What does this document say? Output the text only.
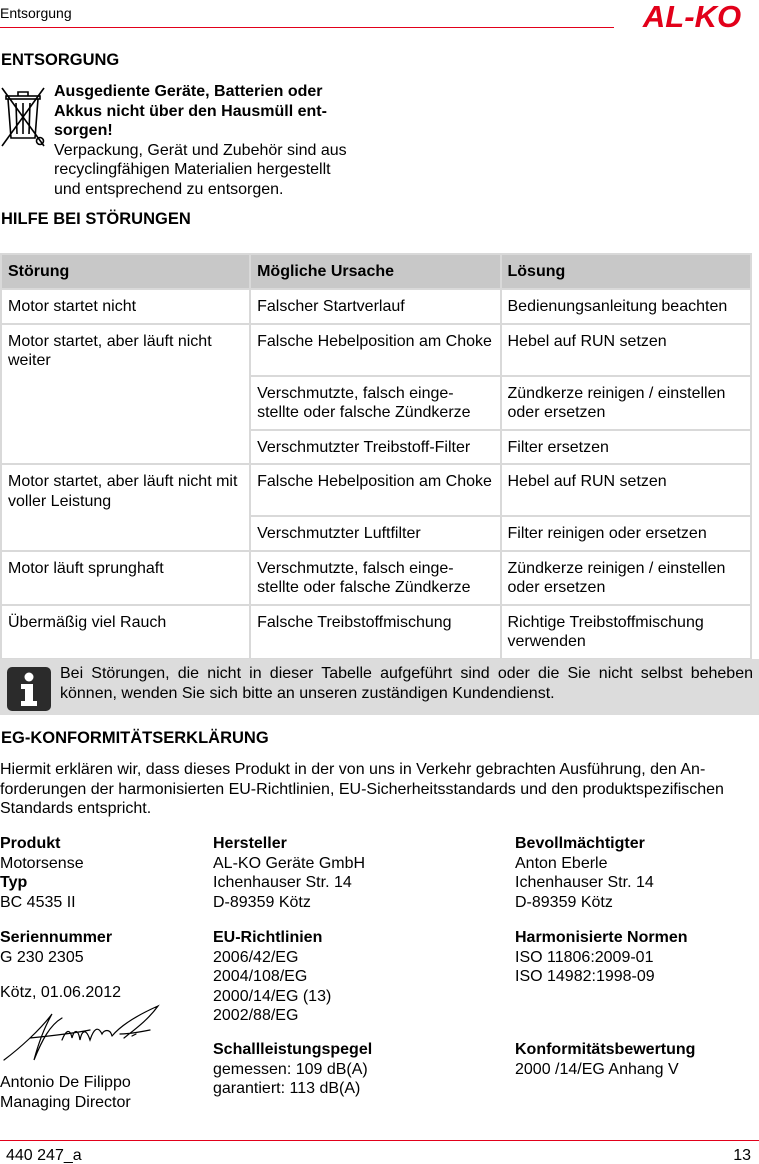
Entsorgung	AL-KO
ENTSORGUNG
Ausgediente Geräte, Batterien oder
Akkus nicht über den Hausmüll ent-
sorgen!
Verpackung, Gerät und Zubehör sind aus
recyclingfähigen Materialien hergestellt
und entsprechend zu entsorgen.
HILFE BEI STÖRUNGEN
Störung	Mögliche Ursache	Lösung
Motor startet nicht	Falscher Startverlauf	Bedienungsanleitung beachten
Motor startet, aber läuft nicht weiter	Falsche Hebelposition am Choke	Hebel auf RUN setzen
	Verschmutzte, falsch einge-stellte oder falsche Zündkerze	Zündkerze reinigen / einstellen oder ersetzen
	Verschmutzter Treibstoff-Filter	Filter ersetzen
Motor startet, aber läuft nicht mit voller Leistung	Falsche Hebelposition am Choke	Hebel auf RUN setzen
	Verschmutzter Luftfilter	Filter reinigen oder ersetzen
Motor läuft sprunghaft	Verschmutzte, falsch einge-stellte oder falsche Zündkerze	Zündkerze reinigen / einstellen oder ersetzen
Übermäßig viel Rauch	Falsche Treibstoffmischung	Richtige Treibstoffmischung verwenden
Bei Störungen, die nicht in dieser Tabelle aufgeführt sind oder die Sie nicht selbst beheben können, wenden Sie sich bitte an unseren zuständigen Kundendienst.
EG-KONFORMITÄTSERKLÄRUNG
Hiermit erklären wir, dass dieses Produkt in der von uns in Verkehr gebrachten Ausführung, den An-forderungen der harmonisierten EU-Richtlinien, EU-Sicherheitsstandards und den produktspezifischen Standards entspricht.
Produkt
Motorsense
Typ
BC 4535 II
Seriennummer
G 230 2305
Kötz, 01.06.2012
Antonio De Filippo
Managing Director
Hersteller
AL-KO Geräte GmbH
Ichenhauser Str. 14
D-89359 Kötz
EU-Richtlinien
2006/42/EG
2004/108/EG
2000/14/EG (13)
2002/88/EG
Schallleistungspegel
gemessen: 109 dB(A)
garantiert: 113 dB(A)
Bevollmächtigter
Anton Eberle
Ichenhauser Str. 14
D-89359 Kötz
Harmonisierte Normen
ISO 11806:2009-01
ISO 14982:1998-09
Konformitätsbewertung
2000 /14/EG Anhang V
440 247_a	13
